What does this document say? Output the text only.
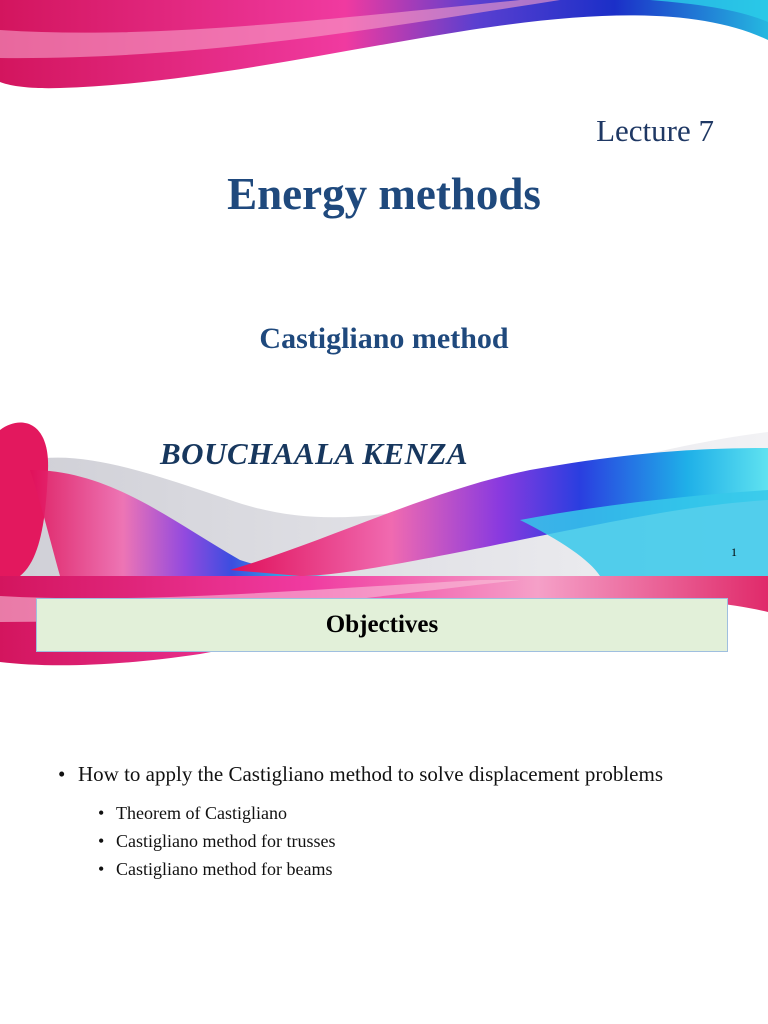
Lecture 7
Energy methods
Castigliano method
BOUCHAALA KENZA
1
Objectives
• How to apply the Castigliano method to solve displacement problems
• Theorem of Castigliano
• Castigliano method for trusses
• Castigliano method for beams
